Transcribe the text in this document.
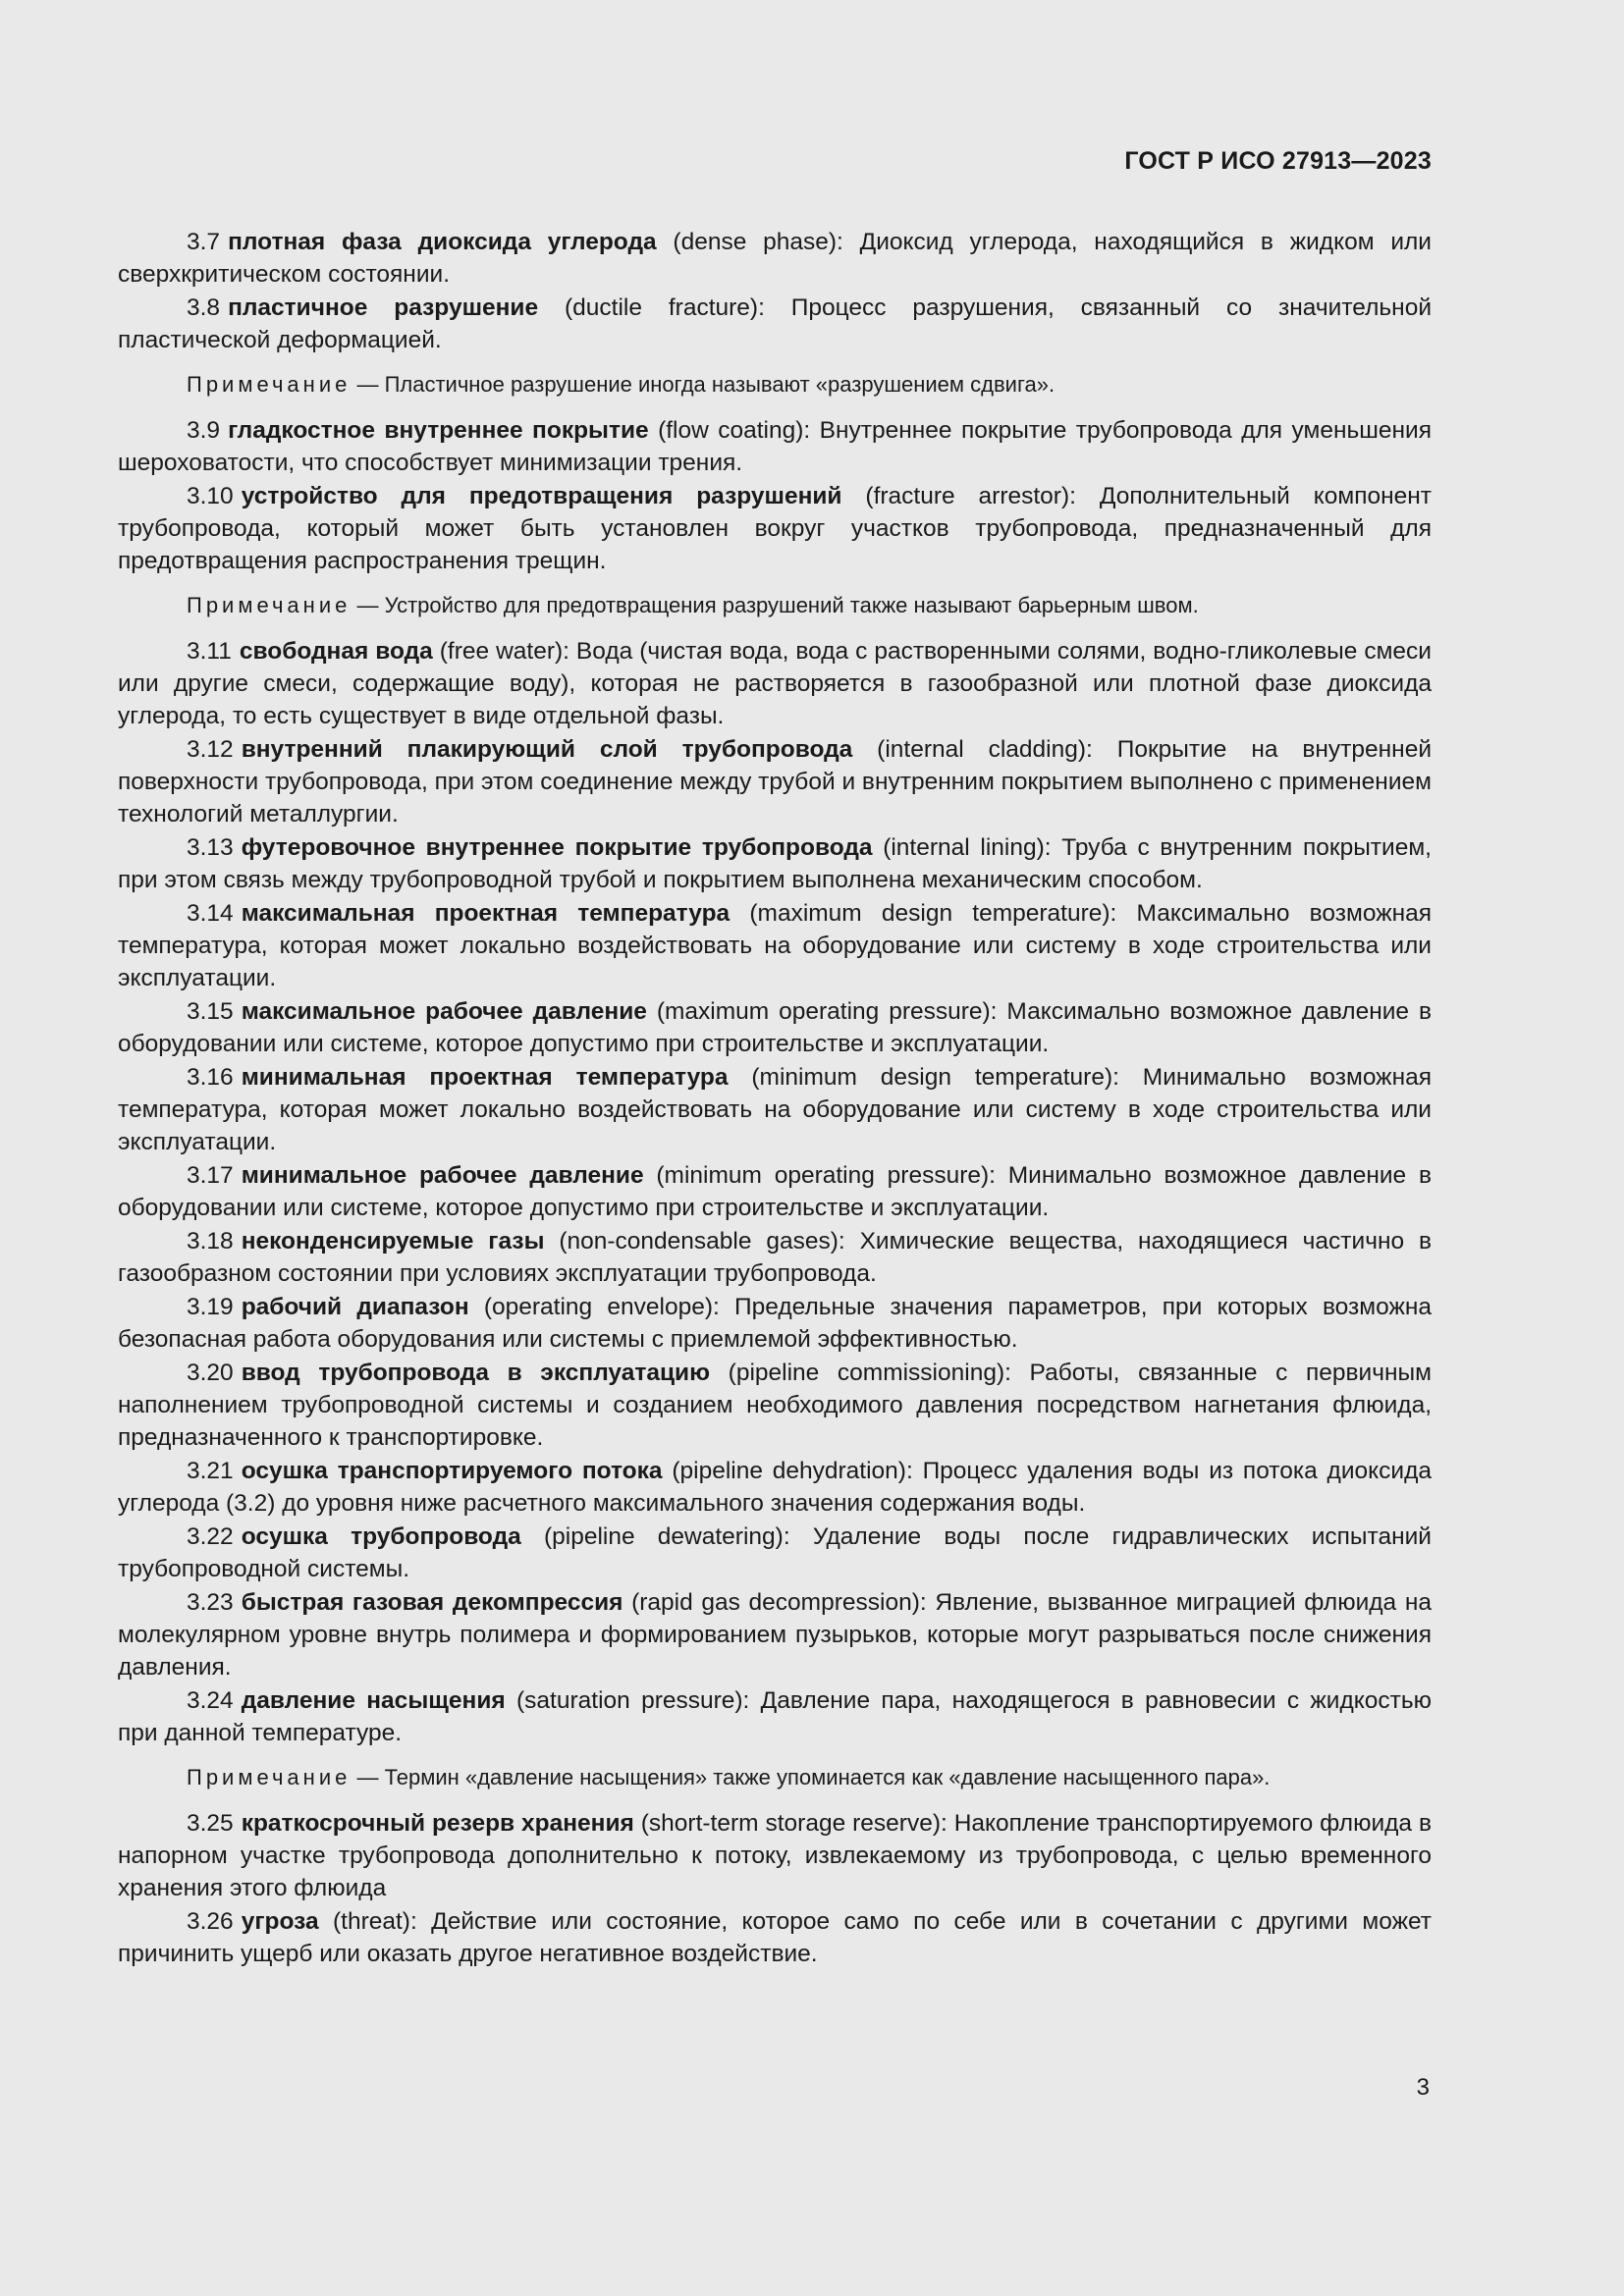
ГОСТ Р ИСО 27913—2023

3.7 плотная фаза диоксида углерода (dense phase): Диоксид углерода, находящийся в жидком или сверхкритическом состоянии.

3.8 пластичное разрушение (ductile fracture): Процесс разрушения, связанный со значительной пластической деформацией.

Примечание — Пластичное разрушение иногда называют «разрушением сдвига».

3.9 гладкостное внутреннее покрытие (flow coating): Внутреннее покрытие трубопровода для уменьшения шероховатости, что способствует минимизации трения.

3.10 устройство для предотвращения разрушений (fracture arrestor): Дополнительный компонент трубопровода, который может быть установлен вокруг участков трубопровода, предназначенный для предотвращения распространения трещин.

Примечание — Устройство для предотвращения разрушений также называют барьерным швом.

3.11 свободная вода (free water): Вода (чистая вода, вода с растворенными солями, водно-гликолевые смеси или другие смеси, содержащие воду), которая не растворяется в газообразной или плотной фазе диоксида углерода, то есть существует в виде отдельной фазы.

3.12 внутренний плакирующий слой трубопровода (internal cladding): Покрытие на внутренней поверхности трубопровода, при этом соединение между трубой и внутренним покрытием выполнено с применением технологий металлургии.

3.13 футеровочное внутреннее покрытие трубопровода (internal lining): Труба с внутренним покрытием, при этом связь между трубопроводной трубой и покрытием выполнена механическим способом.

3.14 максимальная проектная температура (maximum design temperature): Максимально возможная температура, которая может локально воздействовать на оборудование или систему в ходе строительства или эксплуатации.

3.15 максимальное рабочее давление (maximum operating pressure): Максимально возможное давление в оборудовании или системе, которое допустимо при строительстве и эксплуатации.

3.16 минимальная проектная температура (minimum design temperature): Минимально возможная температура, которая может локально воздействовать на оборудование или систему в ходе строительства или эксплуатации.

3.17 минимальное рабочее давление (minimum operating pressure): Минимально возможное давление в оборудовании или системе, которое допустимо при строительстве и эксплуатации.

3.18 неконденсируемые газы (non-condensable gases): Химические вещества, находящиеся частично в газообразном состоянии при условиях эксплуатации трубопровода.

3.19 рабочий диапазон (operating envelope): Предельные значения параметров, при которых возможна безопасная работа оборудования или системы с приемлемой эффективностью.

3.20 ввод трубопровода в эксплуатацию (pipeline commissioning): Работы, связанные с первичным наполнением трубопроводной системы и созданием необходимого давления посредством нагнетания флюида, предназначенного к транспортировке.

3.21 осушка транспортируемого потока (pipeline dehydration): Процесс удаления воды из потока диоксида углерода (3.2) до уровня ниже расчетного максимального значения содержания воды.

3.22 осушка трубопровода (pipeline dewatering): Удаление воды после гидравлических испытаний трубопроводной системы.

3.23 быстрая газовая декомпрессия (rapid gas decompression): Явление, вызванное миграцией флюида на молекулярном уровне внутрь полимера и формированием пузырьков, которые могут разрываться после снижения давления.

3.24 давление насыщения (saturation pressure): Давление пара, находящегося в равновесии с жидкостью при данной температуре.

Примечание — Термин «давление насыщения» также упоминается как «давление насыщенного пара».

3.25 краткосрочный резерв хранения (short-term storage reserve): Накопление транспортируемого флюида в напорном участке трубопровода дополнительно к потоку, извлекаемому из трубопровода, с целью временного хранения этого флюида

3.26 угроза (threat): Действие или состояние, которое само по себе или в сочетании с другими может причинить ущерб или оказать другое негативное воздействие.

3
